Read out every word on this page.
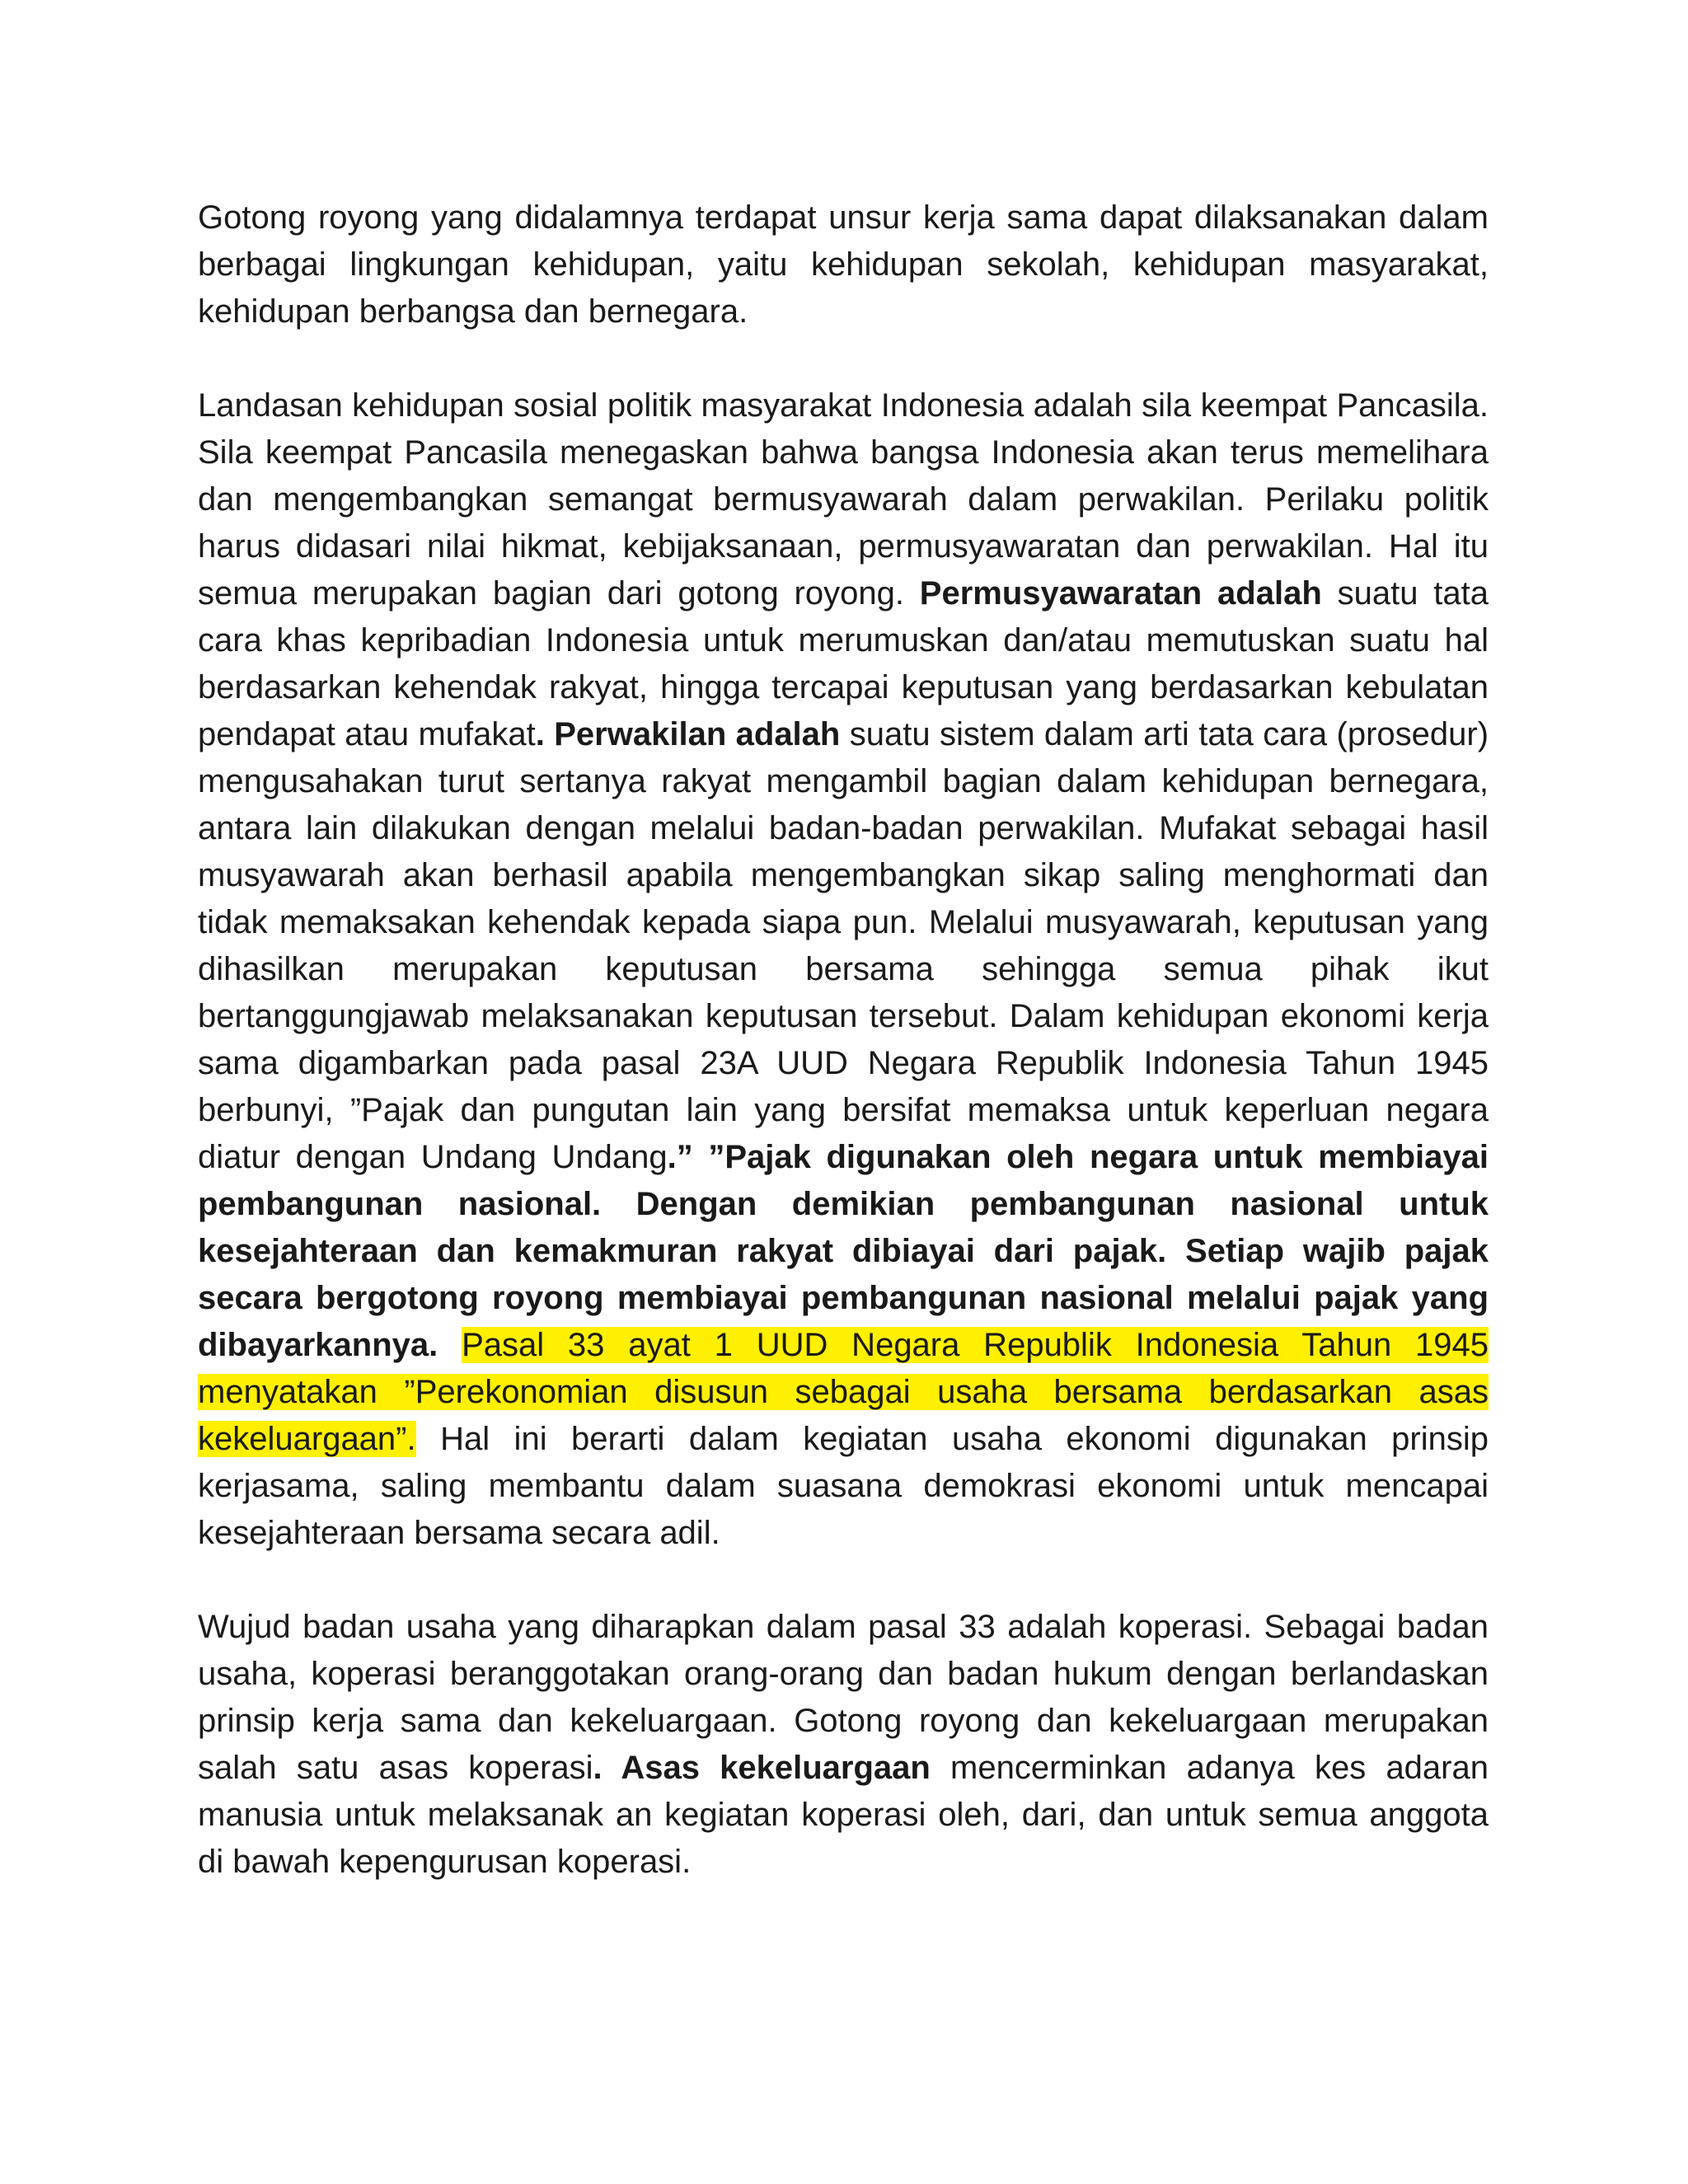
Gotong royong yang didalamnya terdapat unsur kerja sama dapat dilaksanakan dalam berbagai lingkungan kehidupan, yaitu kehidupan sekolah, kehidupan masyarakat, kehidupan berbangsa dan bernegara.

Landasan kehidupan sosial politik masyarakat Indonesia adalah sila keempat Pancasila. Sila keempat Pancasila menegaskan bahwa bangsa Indonesia akan terus memelihara dan mengembangkan semangat bermusyawarah dalam perwakilan. Perilaku politik harus didasari nilai hikmat, kebijaksanaan, permusyawaratan dan perwakilan. Hal itu semua merupakan bagian dari gotong royong. Permusyawaratan adalah suatu tata cara khas kepribadian Indonesia untuk merumuskan dan/atau memutuskan suatu hal berdasarkan kehendak rakyat, hingga tercapai keputusan yang berdasarkan kebulatan pendapat atau mufakat. Perwakilan adalah suatu sistem dalam arti tata cara (prosedur) mengusahakan turut sertanya rakyat mengambil bagian dalam kehidupan bernegara, antara lain dilakukan dengan melalui badan-badan perwakilan. Mufakat sebagai hasil musyawarah akan berhasil apabila mengembangkan sikap saling menghormati dan tidak memaksakan kehendak kepada siapa pun. Melalui musyawarah, keputusan yang dihasilkan merupakan keputusan bersama sehingga semua pihak ikut bertanggungjawab melaksanakan keputusan tersebut. Dalam kehidupan ekonomi kerja sama digambarkan pada pasal 23A UUD Negara Republik Indonesia Tahun 1945 berbunyi, ”Pajak dan pungutan lain yang bersifat memaksa untuk keperluan negara diatur dengan Undang Undang.” ”Pajak digunakan oleh negara untuk membiayai pembangunan nasional. Dengan demikian pembangunan nasional untuk kesejahteraan dan kemakmuran rakyat dibiayai dari pajak. Setiap wajib pajak secara bergotong royong membiayai pembangunan nasional melalui pajak yang dibayarkannya. Pasal 33 ayat 1 UUD Negara Republik Indonesia Tahun 1945 menyatakan ”Perekonomian disusun sebagai usaha bersama berdasarkan asas kekeluargaan”. Hal ini berarti dalam kegiatan usaha ekonomi digunakan prinsip kerjasama, saling membantu dalam suasana demokrasi ekonomi untuk mencapai kesejahteraan bersama secara adil.

Wujud badan usaha yang diharapkan dalam pasal 33 adalah koperasi. Sebagai badan usaha, koperasi beranggotakan orang-orang dan badan hukum dengan berlandaskan prinsip kerja sama dan kekeluargaan. Gotong royong dan kekeluargaan merupakan salah satu asas koperasi. Asas kekeluargaan mencerminkan adanya kes adaran manusia untuk melaksanak an kegiatan koperasi oleh, dari, dan untuk semua anggota di bawah kepengurusan koperasi.
